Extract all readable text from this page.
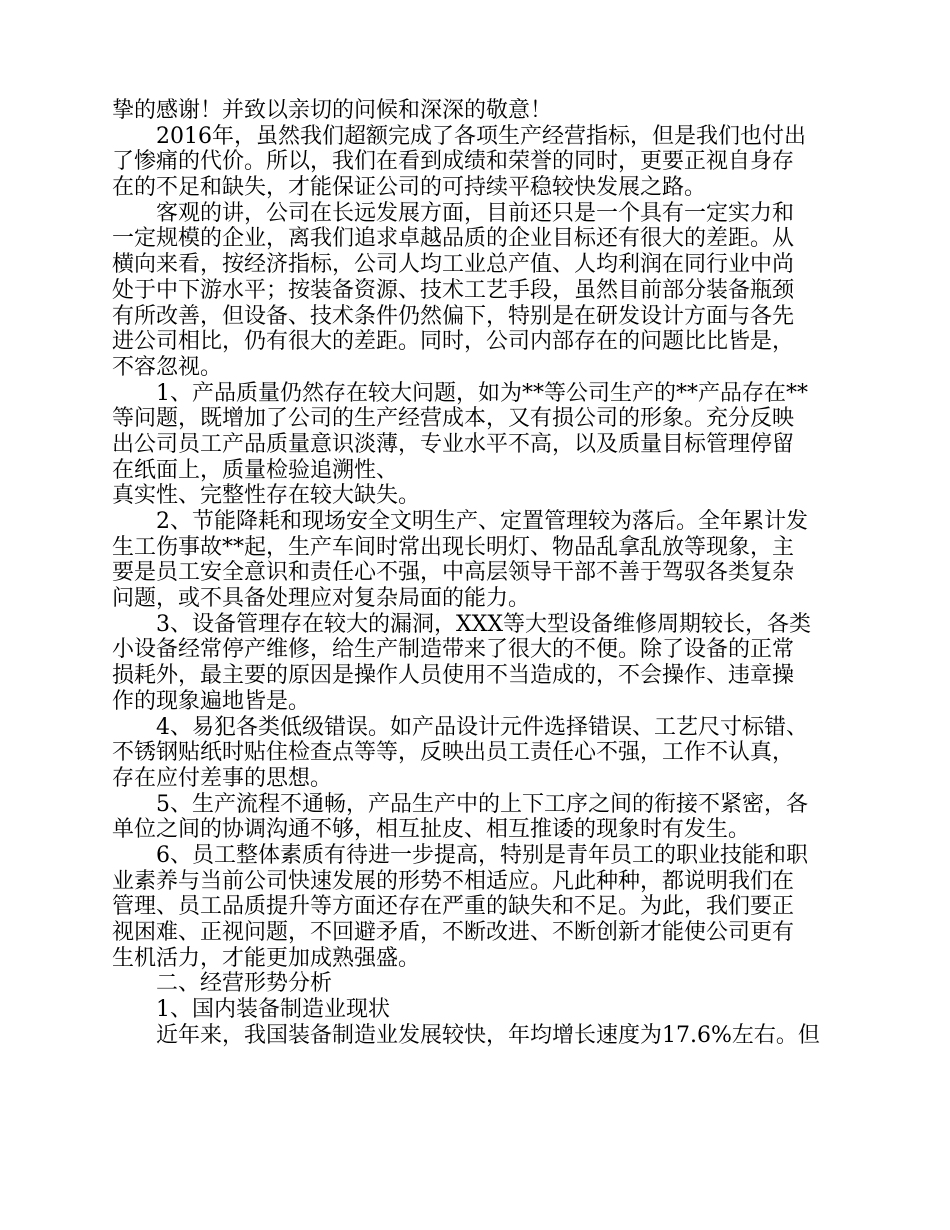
挚的感谢！并致以亲切的问候和深深的敬意！
2016年，虽然我们超额完成了各项生产经营指标，但是我们也付出
了惨痛的代价。所以，我们在看到成绩和荣誉的同时，更要正视自身存
在的不足和缺失，才能保证公司的可持续平稳较快发展之路。
客观的讲，公司在长远发展方面，目前还只是一个具有一定实力和
一定规模的企业，离我们追求卓越品质的企业目标还有很大的差距。从
横向来看，按经济指标，公司人均工业总产值、人均利润在同行业中尚
处于中下游水平；按装备资源、技术工艺手段，虽然目前部分装备瓶颈
有所改善，但设备、技术条件仍然偏下，特别是在研发设计方面与各先
进公司相比，仍有很大的差距。同时，公司内部存在的问题比比皆是，
不容忽视。
1、产品质量仍然存在较大问题，如为**等公司生产的**产品存在**
等问题，既增加了公司的生产经营成本，又有损公司的形象。充分反映
出公司员工产品质量意识淡薄，专业水平不高，以及质量目标管理停留
在纸面上，质量检验追溯性、
真实性、完整性存在较大缺失。
2、节能降耗和现场安全文明生产、定置管理较为落后。全年累计发
生工伤事故**起，生产车间时常出现长明灯、物品乱拿乱放等现象，主
要是员工安全意识和责任心不强，中高层领导干部不善于驾驭各类复杂
问题，或不具备处理应对复杂局面的能力。
3、设备管理存在较大的漏洞，XXX等大型设备维修周期较长，各类
小设备经常停产维修，给生产制造带来了很大的不便。除了设备的正常
损耗外，最主要的原因是操作人员使用不当造成的，不会操作、违章操
作的现象遍地皆是。
4、易犯各类低级错误。如产品设计元件选择错误、工艺尺寸标错、
不锈钢贴纸时贴住检查点等等，反映出员工责任心不强，工作不认真，
存在应付差事的思想。
5、生产流程不通畅，产品生产中的上下工序之间的衔接不紧密，各
单位之间的协调沟通不够，相互扯皮、相互推诿的现象时有发生。
6、员工整体素质有待进一步提高，特别是青年员工的职业技能和职
业素养与当前公司快速发展的形势不相适应。凡此种种，都说明我们在
管理、员工品质提升等方面还存在严重的缺失和不足。为此，我们要正
视困难、正视问题，不回避矛盾，不断改进、不断创新才能使公司更有
生机活力，才能更加成熟强盛。
二、经营形势分析
1、国内装备制造业现状
近年来，我国装备制造业发展较快，年均增长速度为17.6%左右。但
